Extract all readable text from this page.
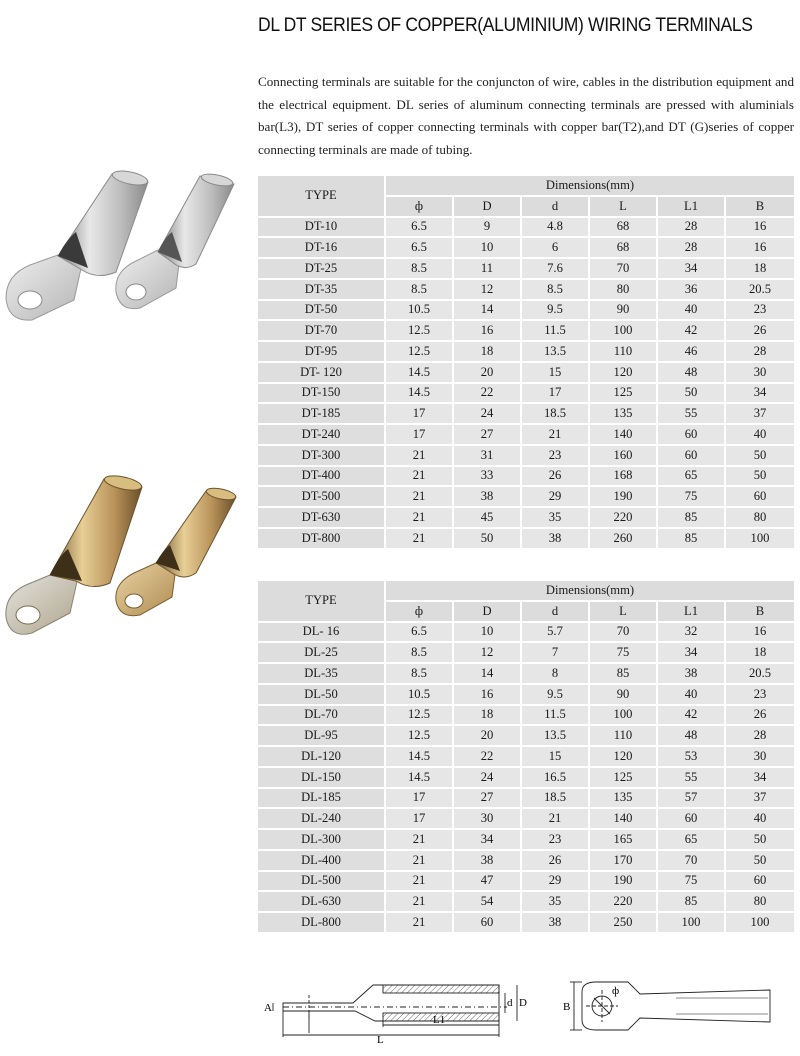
DL DT SERIES OF COPPER(ALUMINIUM) WIRING TERMINALS

Connecting terminals are suitable for the conjuncton of wire, cables in the distribution equipment and the electrical equipment. DL series of aluminum connecting terminals are pressed with aluminials bar(L3), DT series of copper connecting terminals with copper bar(T2),and DT (G)series of copper connecting terminals are made of tubing.

TYPE	Dimensions(mm)					
	ф	D	d	L	L1	B
DT-10	6.5	9	4.8	68	28	16
DT-16	6.5	10	6	68	28	16
DT-25	8.5	11	7.6	70	34	18
DT-35	8.5	12	8.5	80	36	20.5
DT-50	10.5	14	9.5	90	40	23
DT-70	12.5	16	11.5	100	42	26
DT-95	12.5	18	13.5	110	46	28
DT- 120	14.5	20	15	120	48	30
DT-150	14.5	22	17	125	50	34
DT-185	17	24	18.5	135	55	37
DT-240	17	27	21	140	60	40
DT-300	21	31	23	160	60	50
DT-400	21	33	26	168	65	50
DT-500	21	38	29	190	75	60
DT-630	21	45	35	220	85	80
DT-800	21	50	38	260	85	100
TYPE	Dimensions(mm)					
	ф	D	d	L	L1	B
DL- 16	6.5	10	5.7	70	32	16
DL-25	8.5	12	7	75	34	18
DL-35	8.5	14	8	85	38	20.5
DL-50	10.5	16	9.5	90	40	23
DL-70	12.5	18	11.5	100	42	26
DL-95	12.5	20	13.5	110	48	28
DL-120	14.5	22	15	120	53	30
DL-150	14.5	24	16.5	125	55	34
DL-185	17	27	18.5	135	57	37
DL-240	17	30	21	140	60	40
DL-300	21	34	23	165	65	50
DL-400	21	38	26	170	70	50
DL-500	21	47	29	190	75	60
DL-630	21	54	35	220	85	80
DL-800	21	60	38	250	100	100
A	d D
L
L1
B
ф
